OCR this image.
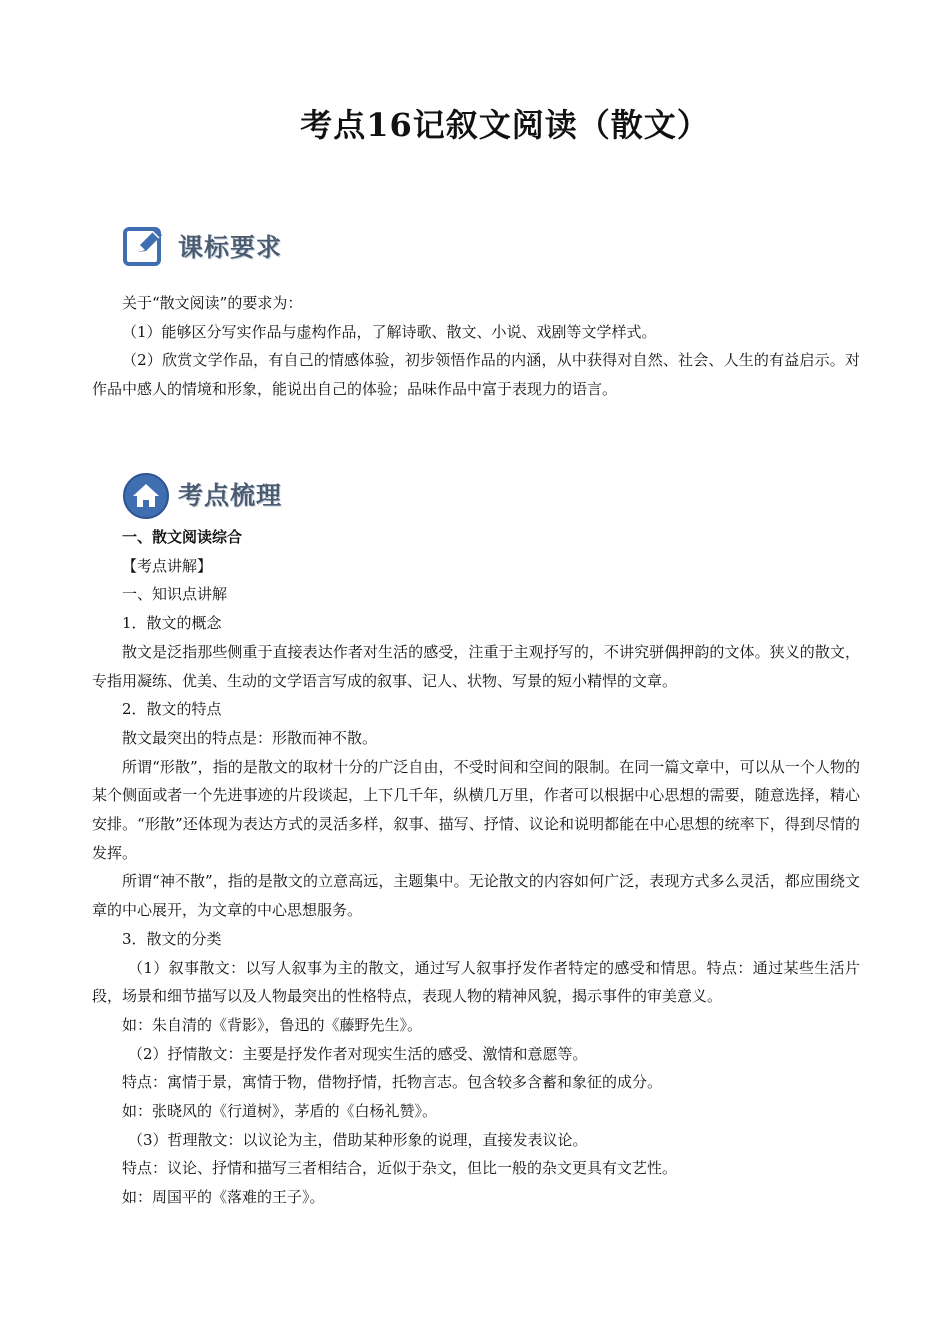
考点16记叙文阅读（散文）
课标要求

关于“散文阅读”的要求为：

（1）能够区分写实作品与虚构作品，了解诗歌、散文、小说、戏剧等文学样式。

（2）欣赏文学作品，有自己的情感体验，初步领悟作品的内涵，从中获得对自然、社会、人生的有益启示。对作品中感人的情境和形象，能说出自己的体验；品味作品中富于表现力的语言。

考点梳理

一、散文阅读综合

【考点讲解】

一、知识点讲解

1．散文的概念

散文是泛指那些侧重于直接表达作者对生活的感受，注重于主观抒写的，不讲究骈偶押韵的文体。狭义的散文，专指用凝练、优美、生动的文学语言写成的叙事、记人、状物、写景的短小精悍的文章。

2．散文的特点

散文最突出的特点是：形散而神不散。

所谓“形散”，指的是散文的取材十分的广泛自由，不受时间和空间的限制。在同一篇文章中，可以从一个人物的某个侧面或者一个先进事迹的片段谈起，上下几千年，纵横几万里，作者可以根据中心思想的需要，随意选择，精心安排。“形散”还体现为表达方式的灵活多样，叙事、描写、抒情、议论和说明都能在中心思想的统率下，得到尽情的发挥。

所谓“神不散”，指的是散文的立意高远，主题集中。无论散文的内容如何广泛，表现方式多么灵活，都应围绕文章的中心展开，为文章的中心思想服务。

3．散文的分类

（1）叙事散文：以写人叙事为主的散文，通过写人叙事抒发作者特定的感受和情思。特点：通过某些生活片段，场景和细节描写以及人物最突出的性格特点，表现人物的精神风貌，揭示事件的审美意义。

如：朱自清的《背影》，鲁迅的《藤野先生》。

（2）抒情散文：主要是抒发作者对现实生活的感受、激情和意愿等。

特点：寓情于景，寓情于物，借物抒情，托物言志。包含较多含蓄和象征的成分。

如：张晓风的《行道树》，茅盾的《白杨礼赞》。

（3）哲理散文：以议论为主，借助某种形象的说理，直接发表议论。

特点：议论、抒情和描写三者相结合，近似于杂文，但比一般的杂文更具有文艺性。

如：周国平的《落难的王子》。
